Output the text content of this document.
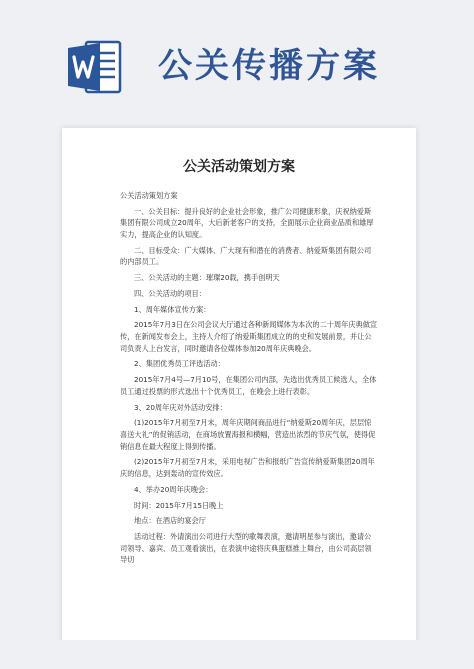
公关传播方案
公关活动策划方案

公关活动策划方案

一、公关目标：提升良好的企业社会形象，推广公司健康形象，庆祝纳爱斯集团有限公司成立20周年，大后新老客户的支持，全面展示企业商业品质和雄厚实力，提高企业的认知度。

二、目标受众：广大媒体、广大现有和潜在的消费者、纳爱斯集团有限公司的内部员工。

三、公关活动的主题：璀璨20载，携手创明天

四、公关活动的项目：

1、周年媒体宣传方案：

2015年7月3日在公司会议大厅通过各种新闻媒体为本次的二十周年庆典做宣传，在新闻发布会上，主持人介绍了纳爱斯集团成立的的史和发展前景，并让公司负责人上台发言，同时邀请各位媒体参加20周年庆典晚会。

2、集团优秀员工评选活动：

2015年7月4号—7月10号，在集团公司内部，先选出优秀员工候选人，全体员工通过投票的形式选出十个优秀员工，在晚会上进行表彰。

3、20周年庆对外活动安排：

(1)2015年7月初至7月末，周年庆期间商品进行“纳爱斯20周年庆，层层惊喜送大礼”的促销活动，在商场放置海报和横幅，营造出浓烈的节庆气氛，使得促销信息在最大程度上得到传播。

(2)2015年7月初至7月末，采用电视广告和报纸广告宣传纳爱斯集团20周年庆的信息，达到轰动的宣传效应。

4、举办20周年庆晚会：

时间：2015年7月15日晚上

地点：在酒店的宴会厅

活动过程：外请演出公司进行大型的歌舞表演，邀请明星参与演出，邀请公司领导、嘉宾、员工观看演出，在表演中途将庆典蛋糕推上舞台，由公司高层领导切
